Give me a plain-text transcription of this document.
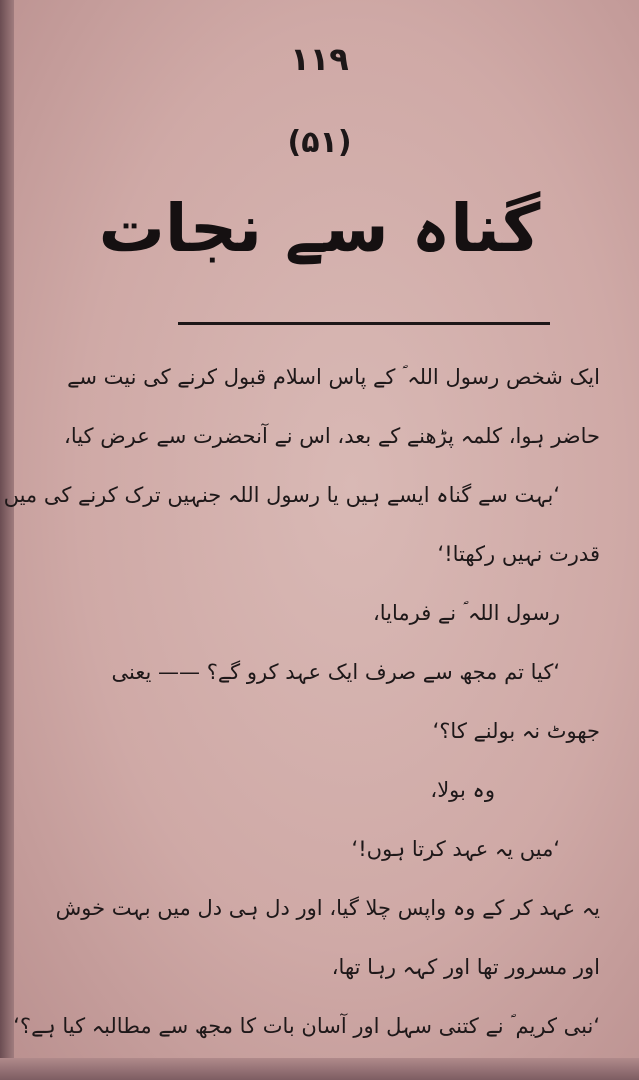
۱۱۹
(۵۱)
گناہ سے نجات
ایک شخص رسول اللہ ؐ کے پاس اسلام قبول کرنے کی نیت سے
حاضر ہوا، کلمہ پڑھنے کے بعد، اس نے آنحضرت سے عرض کیا،
‘بہت سے گناہ ایسے ہیں یا رسول اللہ جنہیں ترک کرنے کی میں
قدرت نہیں رکھتا!‘
رسول اللہ ؐ نے فرمایا،
‘کیا تم مجھ سے صرف ایک عہد کرو گے؟ —— یعنی
جھوٹ نہ بولنے کا؟‘
وہ بولا،
‘میں یہ عہد کرتا ہوں!‘
یہ عہد کر کے وہ واپس چلا گیا، اور دل ہی دل میں بہت خوش
اور مسرور تھا اور کہہ رہا تھا،
‘نبی کریم ؐ نے کتنی سہل اور آسان بات کا مجھ سے مطالبہ کیا ہے؟‘
